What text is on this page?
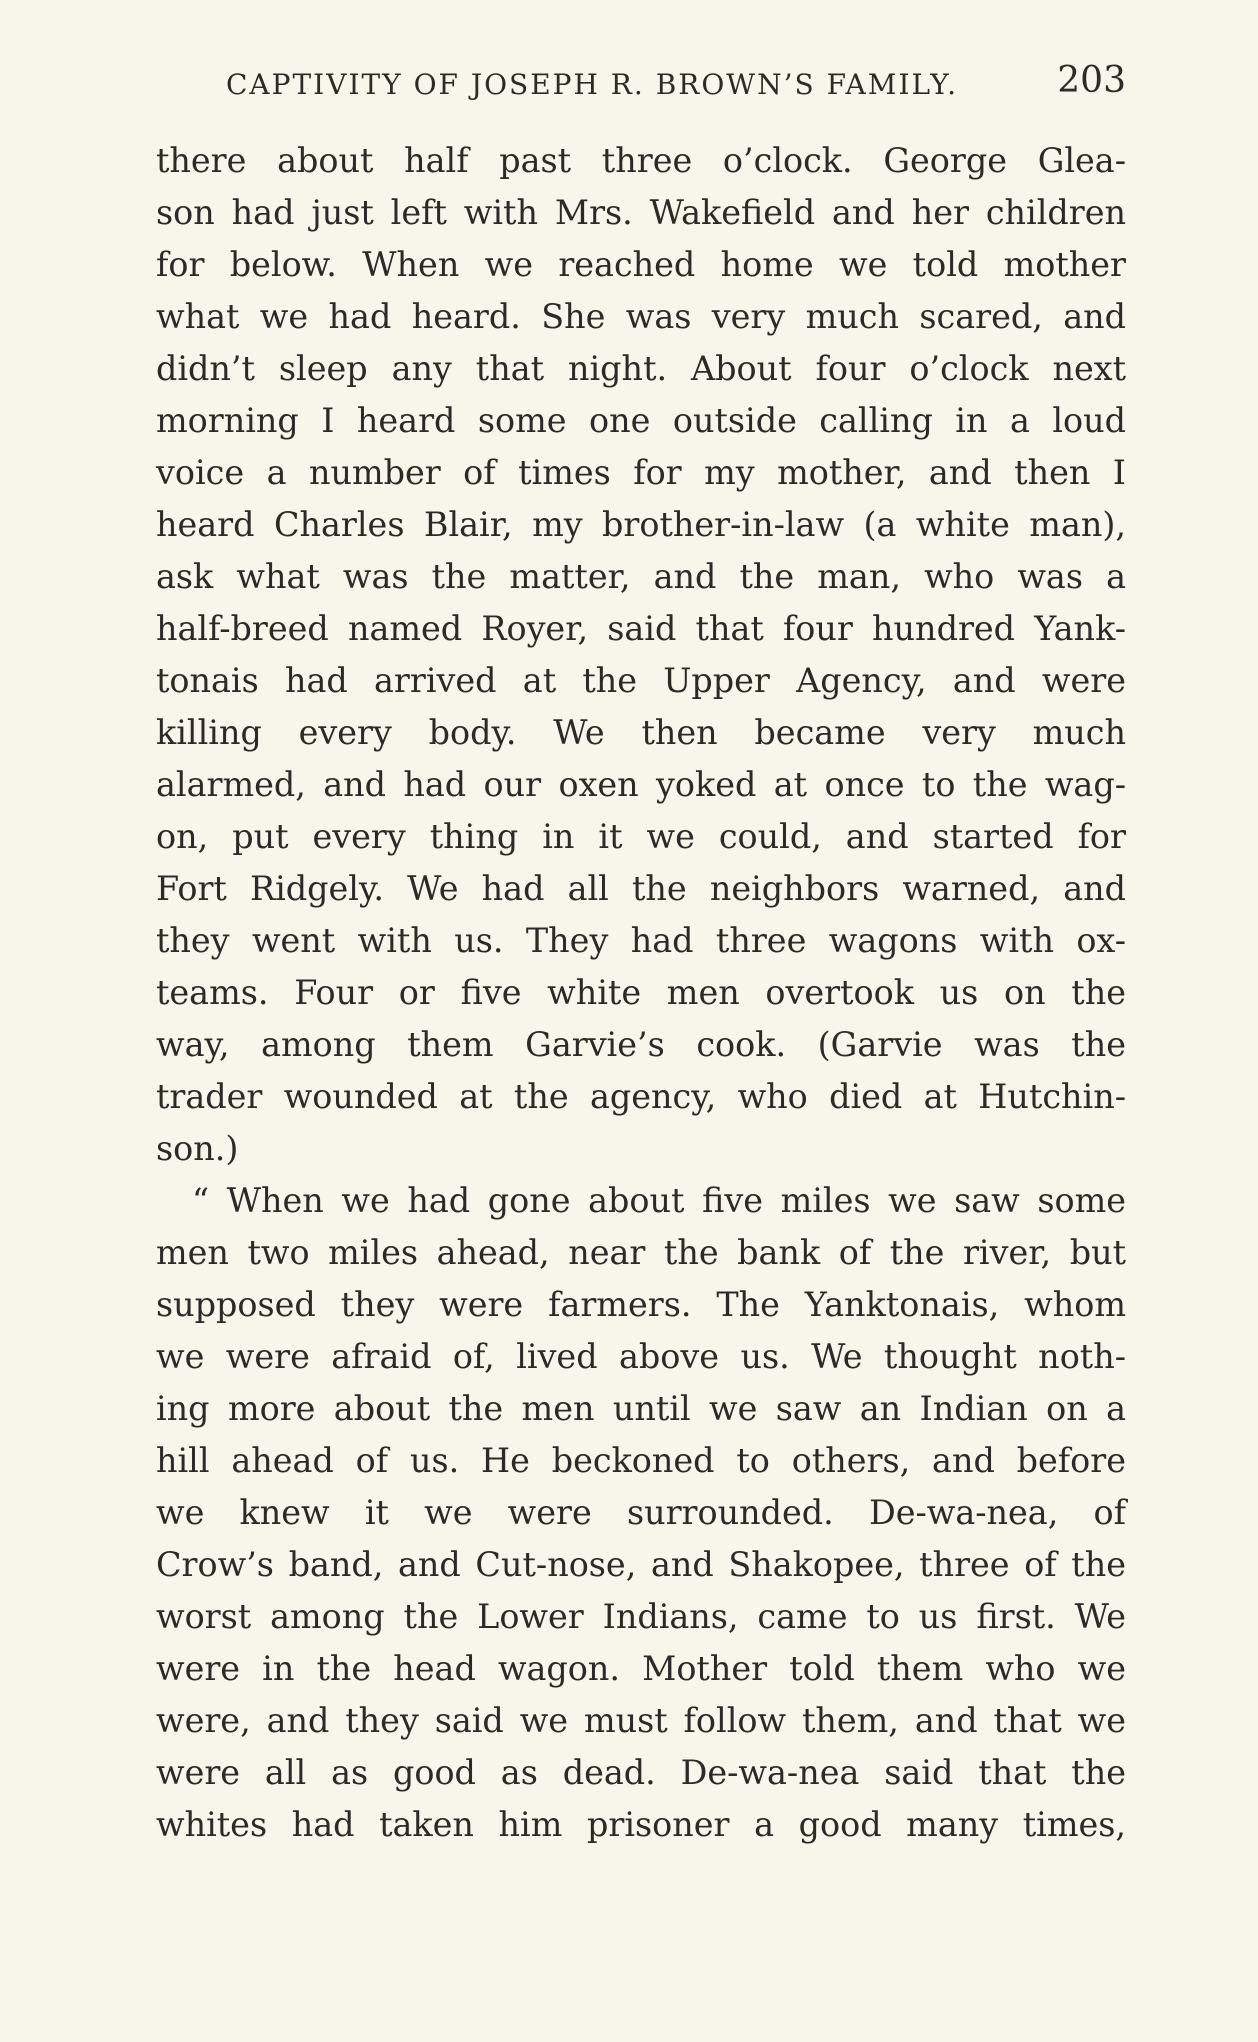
CAPTIVITY OF JOSEPH R. BROWN’S FAMILY.	203
there about half past three o’clock. George Glea-
son had just left with Mrs. Wakefield and her children
for below. When we reached home we told mother
what we had heard. She was very much scared, and
didn’t sleep any that night. About four o’clock next
morning I heard some one outside calling in a loud
voice a number of times for my mother, and then I
heard Charles Blair, my brother-in-law (a white man),
ask what was the matter, and the man, who was a
half-breed named Royer, said that four hundred Yank-
tonais had arrived at the Upper Agency, and were
killing every body. We then became very much
alarmed, and had our oxen yoked at once to the wag-
on, put every thing in it we could, and started for
Fort Ridgely. We had all the neighbors warned, and
they went with us. They had three wagons with ox-
teams. Four or five white men overtook us on the
way, among them Garvie’s cook. (Garvie was the
trader wounded at the agency, who died at Hutchin-
son.)
“ When we had gone about five miles we saw some
men two miles ahead, near the bank of the river, but
supposed they were farmers. The Yanktonais, whom
we were afraid of, lived above us. We thought noth-
ing more about the men until we saw an Indian on a
hill ahead of us. He beckoned to others, and before
we knew it we were surrounded. De-wa-nea, of
Crow’s band, and Cut-nose, and Shakopee, three of the
worst among the Lower Indians, came to us first. We
were in the head wagon. Mother told them who we
were, and they said we must follow them, and that we
were all as good as dead. De-wa-nea said that the
whites had taken him prisoner a good many times,
